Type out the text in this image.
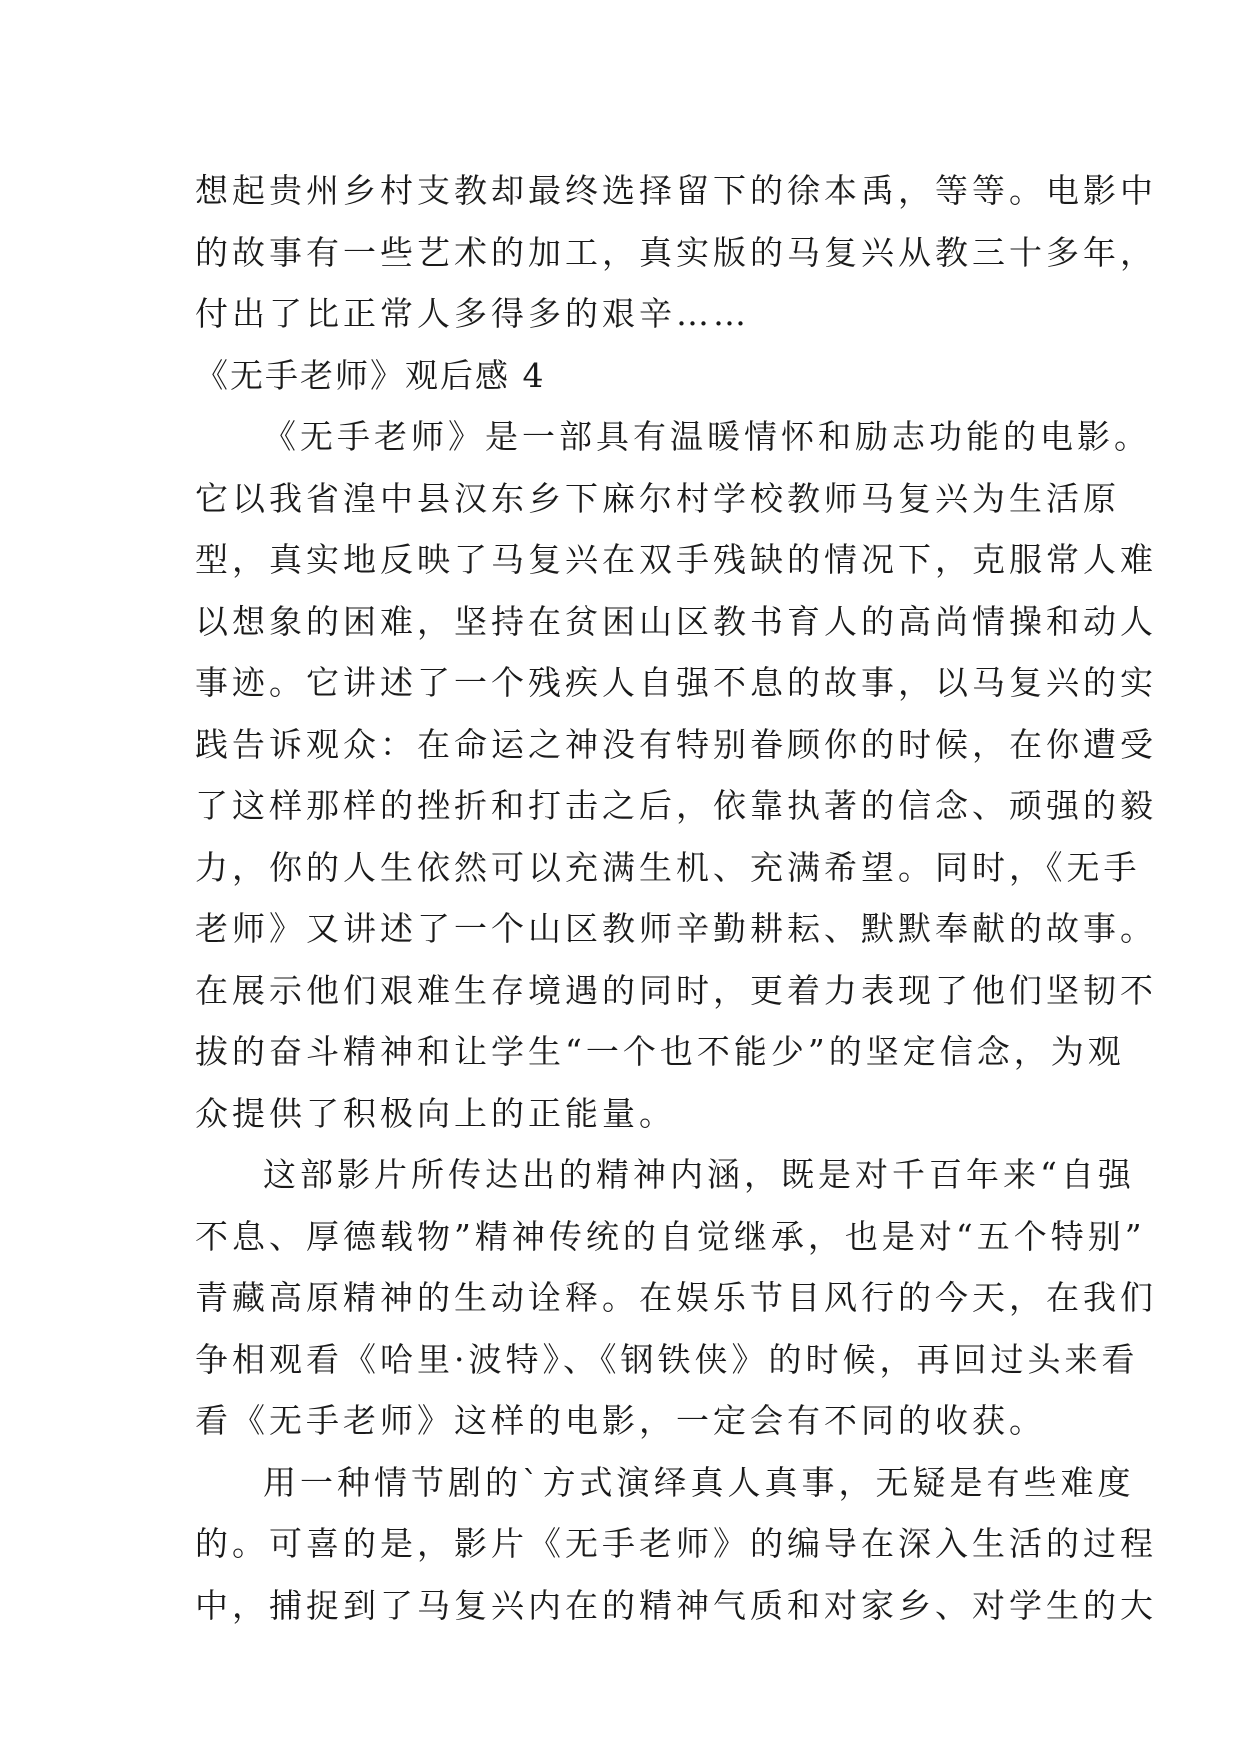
想起贵州乡村支教却最终选择留下的徐本禹，等等。电影中
的故事有一些艺术的加工，真实版的马复兴从教三十多年，
付出了比正常人多得多的艰辛……
《无手老师》观后感 4
《无手老师》是一部具有温暖情怀和励志功能的电影。
它以我省湟中县汉东乡下麻尔村学校教师马复兴为生活原
型，真实地反映了马复兴在双手残缺的情况下，克服常人难
以想象的困难，坚持在贫困山区教书育人的高尚情操和动人
事迹。它讲述了一个残疾人自强不息的故事，以马复兴的实
践告诉观众：在命运之神没有特别眷顾你的时候，在你遭受
了这样那样的挫折和打击之后，依靠执著的信念、顽强的毅
力，你的人生依然可以充满生机、充满希望。同时，《无手
老师》又讲述了一个山区教师辛勤耕耘、默默奉献的故事。
在展示他们艰难生存境遇的同时，更着力表现了他们坚韧不
拔的奋斗精神和让学生“一个也不能少”的坚定信念，为观
众提供了积极向上的正能量。
这部影片所传达出的精神内涵，既是对千百年来“自强
不息、厚德载物”精神传统的自觉继承，也是对“五个特别”
青藏高原精神的生动诠释。在娱乐节目风行的今天，在我们
争相观看《哈里·波特》、《钢铁侠》的时候，再回过头来看
看《无手老师》这样的电影，一定会有不同的收获。
用一种情节剧的`方式演绎真人真事，无疑是有些难度
的。可喜的是，影片《无手老师》的编导在深入生活的过程
中，捕捉到了马复兴内在的精神气质和对家乡、对学生的大
